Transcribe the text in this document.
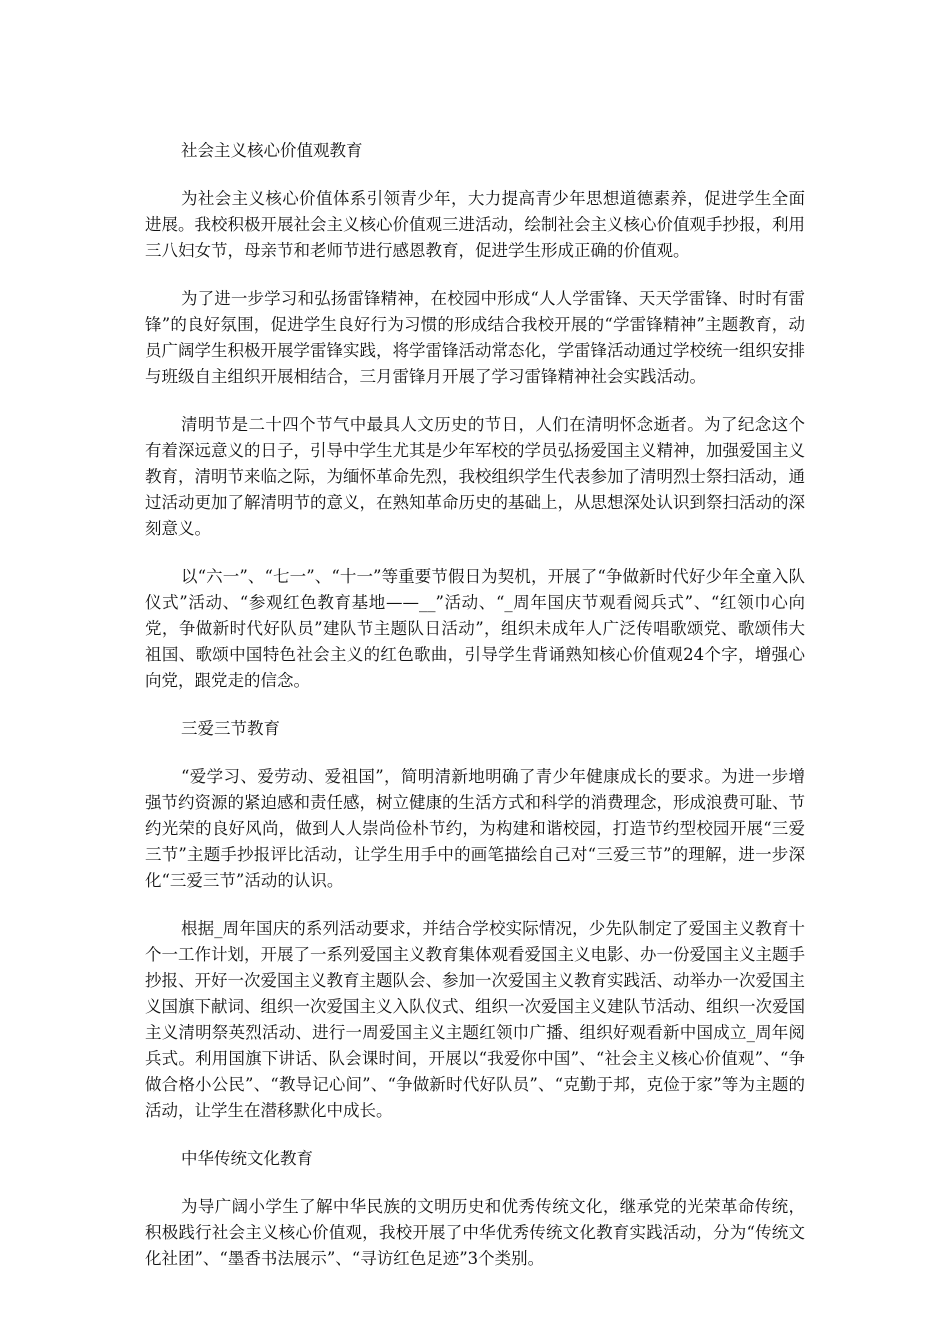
社会主义核心价值观教育

为社会主义核心价值体系引领青少年，大力提高青少年思想道德素养，促进学生全面进展。我校积极开展社会主义核心价值观三进活动，绘制社会主义核心价值观手抄报，利用三八妇女节，母亲节和老师节进行感恩教育，促进学生形成正确的价值观。

为了进一步学习和弘扬雷锋精神，在校园中形成“人人学雷锋、天天学雷锋、时时有雷锋”的良好氛围，促进学生良好行为习惯的形成结合我校开展的“学雷锋精神”主题教育，动员广阔学生积极开展学雷锋实践，将学雷锋活动常态化，学雷锋活动通过学校统一组织安排与班级自主组织开展相结合，三月雷锋月开展了学习雷锋精神社会实践活动。

清明节是二十四个节气中最具人文历史的节日，人们在清明怀念逝者。为了纪念这个有着深远意义的日子，引导中学生尤其是少年军校的学员弘扬爱国主义精神，加强爱国主义教育，清明节来临之际，为缅怀革命先烈，我校组织学生代表参加了清明烈士祭扫活动，通过活动更加了解清明节的意义，在熟知革命历史的基础上，从思想深处认识到祭扫活动的深刻意义。

以“六一”、“七一”、“十一”等重要节假日为契机，开展了“争做新时代好少年全童入队仪式”活动、“参观红色教育基地——__”活动、“_周年国庆节观看阅兵式”、“红领巾心向党，争做新时代好队员”建队节主题队日活动”，组织未成年人广泛传唱歌颂党、歌颂伟大祖国、歌颂中国特色社会主义的红色歌曲，引导学生背诵熟知核心价值观24个字，增强心向党，跟党走的信念。

三爱三节教育

“爱学习、爱劳动、爱祖国”，简明清新地明确了青少年健康成长的要求。为进一步增强节约资源的紧迫感和责任感，树立健康的生活方式和科学的消费理念，形成浪费可耻、节约光荣的良好风尚，做到人人崇尚俭朴节约，为构建和谐校园，打造节约型校园开展“三爱三节”主题手抄报评比活动，让学生用手中的画笔描绘自己对“三爱三节”的理解，进一步深化“三爱三节”活动的认识。

根据_周年国庆的系列活动要求，并结合学校实际情况，少先队制定了爱国主义教育十个一工作计划，开展了一系列爱国主义教育集体观看爱国主义电影、办一份爱国主义主题手抄报、开好一次爱国主义教育主题队会、参加一次爱国主义教育实践活、动举办一次爱国主义国旗下献词、组织一次爱国主义入队仪式、组织一次爱国主义建队节活动、组织一次爱国主义清明祭英烈活动、进行一周爱国主义主题红领巾广播、组织好观看新中国成立_周年阅兵式。利用国旗下讲话、队会课时间，开展以“我爱你中国”、“社会主义核心价值观”、“争做合格小公民”、“教导记心间”、“争做新时代好队员”、“克勤于邦，克俭于家”等为主题的活动，让学生在潜移默化中成长。

中华传统文化教育

为导广阔小学生了解中华民族的文明历史和优秀传统文化，继承党的光荣革命传统，积极践行社会主义核心价值观，我校开展了中华优秀传统文化教育实践活动，分为“传统文化社团”、“墨香书法展示”、“寻访红色足迹”3个类别。
